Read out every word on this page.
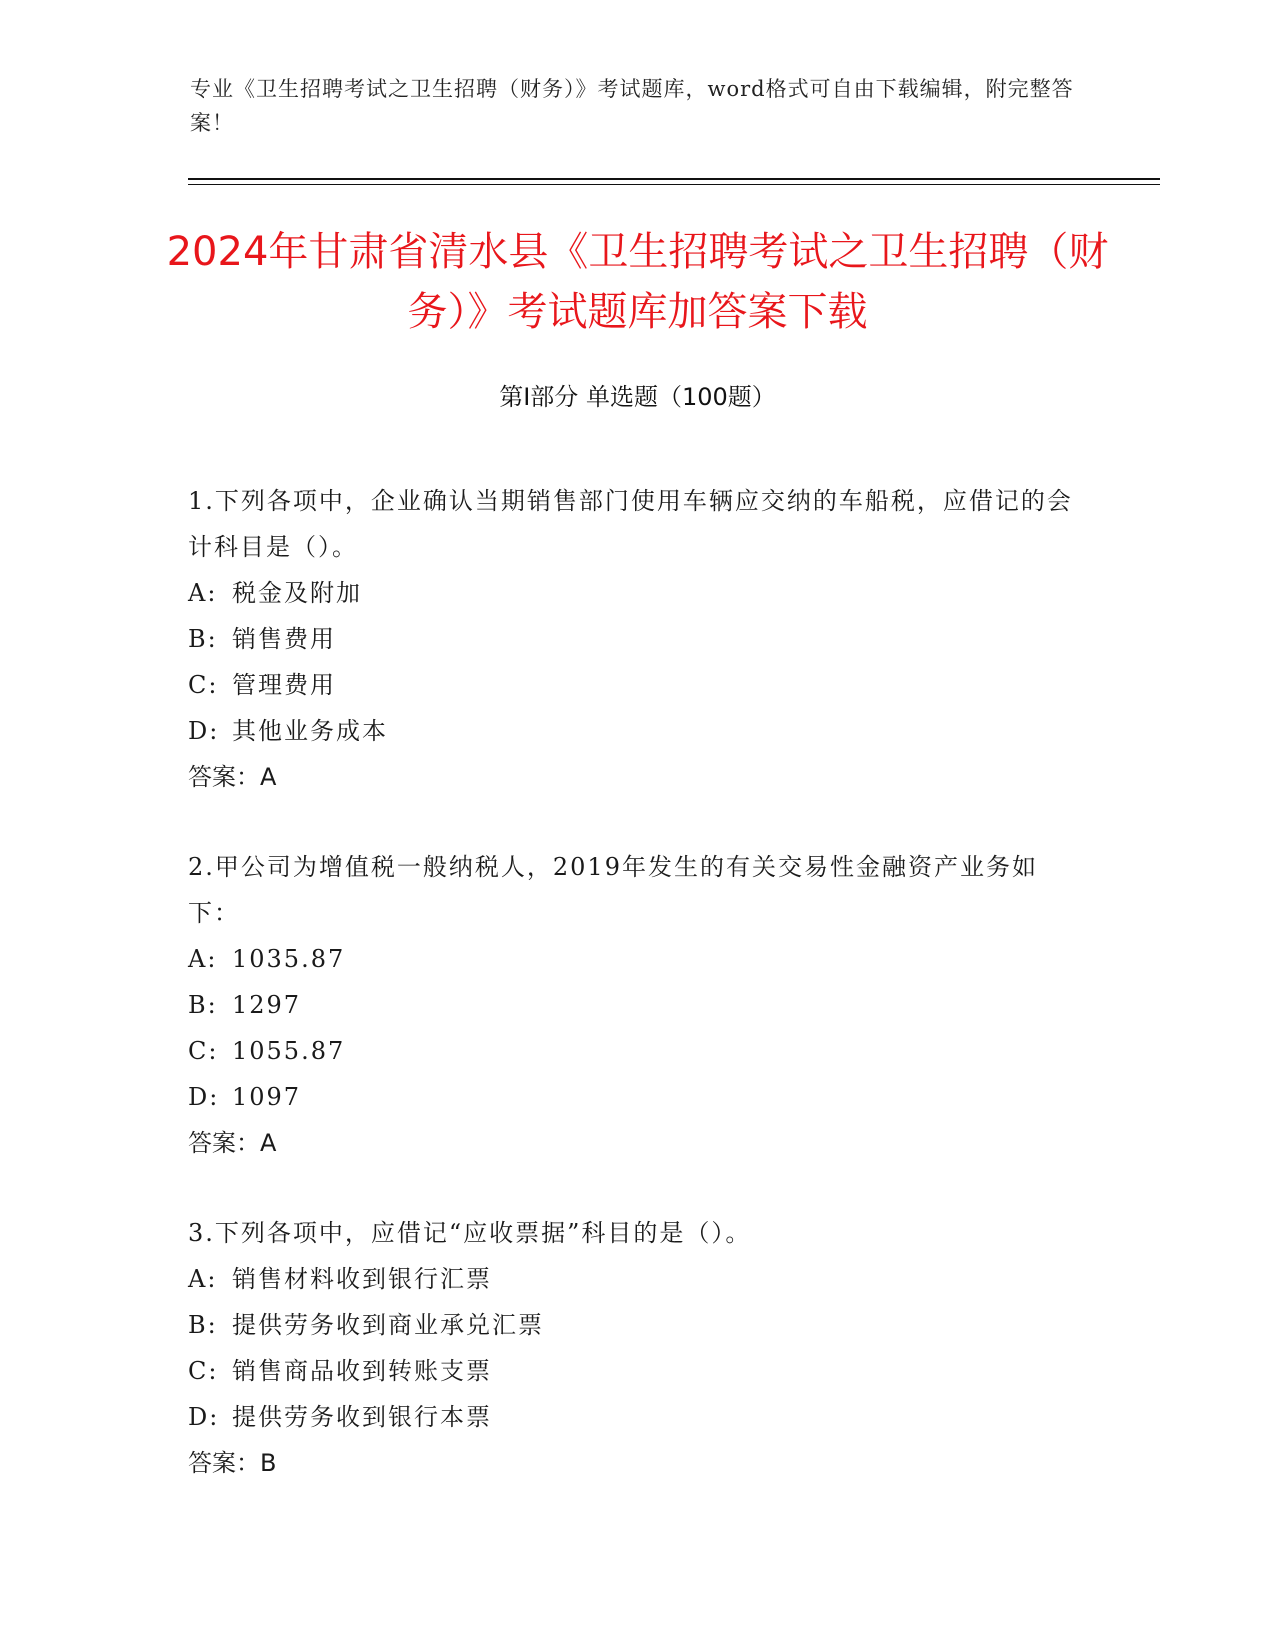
专业《卫生招聘考试之卫生招聘（财务）》考试题库，word格式可自由下载编辑，附完整答案！
2024年甘肃省清水县《卫生招聘考试之卫生招聘（财务）》考试题库加答案下载
第Ⅰ部分 单选题（100题）

1.下列各项中，企业确认当期销售部门使用车辆应交纳的车船税，应借记的会计科目是（）。

A: 税金及附加

B: 销售费用

C: 管理费用

D: 其他业务成本

答案：A

2.甲公司为增值税一般纳税人，2019年发生的有关交易性金融资产业务如下：

A: 1035.87

B: 1297

C: 1055.87

D: 1097

答案：A

3.下列各项中，应借记“应收票据”科目的是（）。

A: 销售材料收到银行汇票

B: 提供劳务收到商业承兑汇票

C: 销售商品收到转账支票

D: 提供劳务收到银行本票

答案：B
